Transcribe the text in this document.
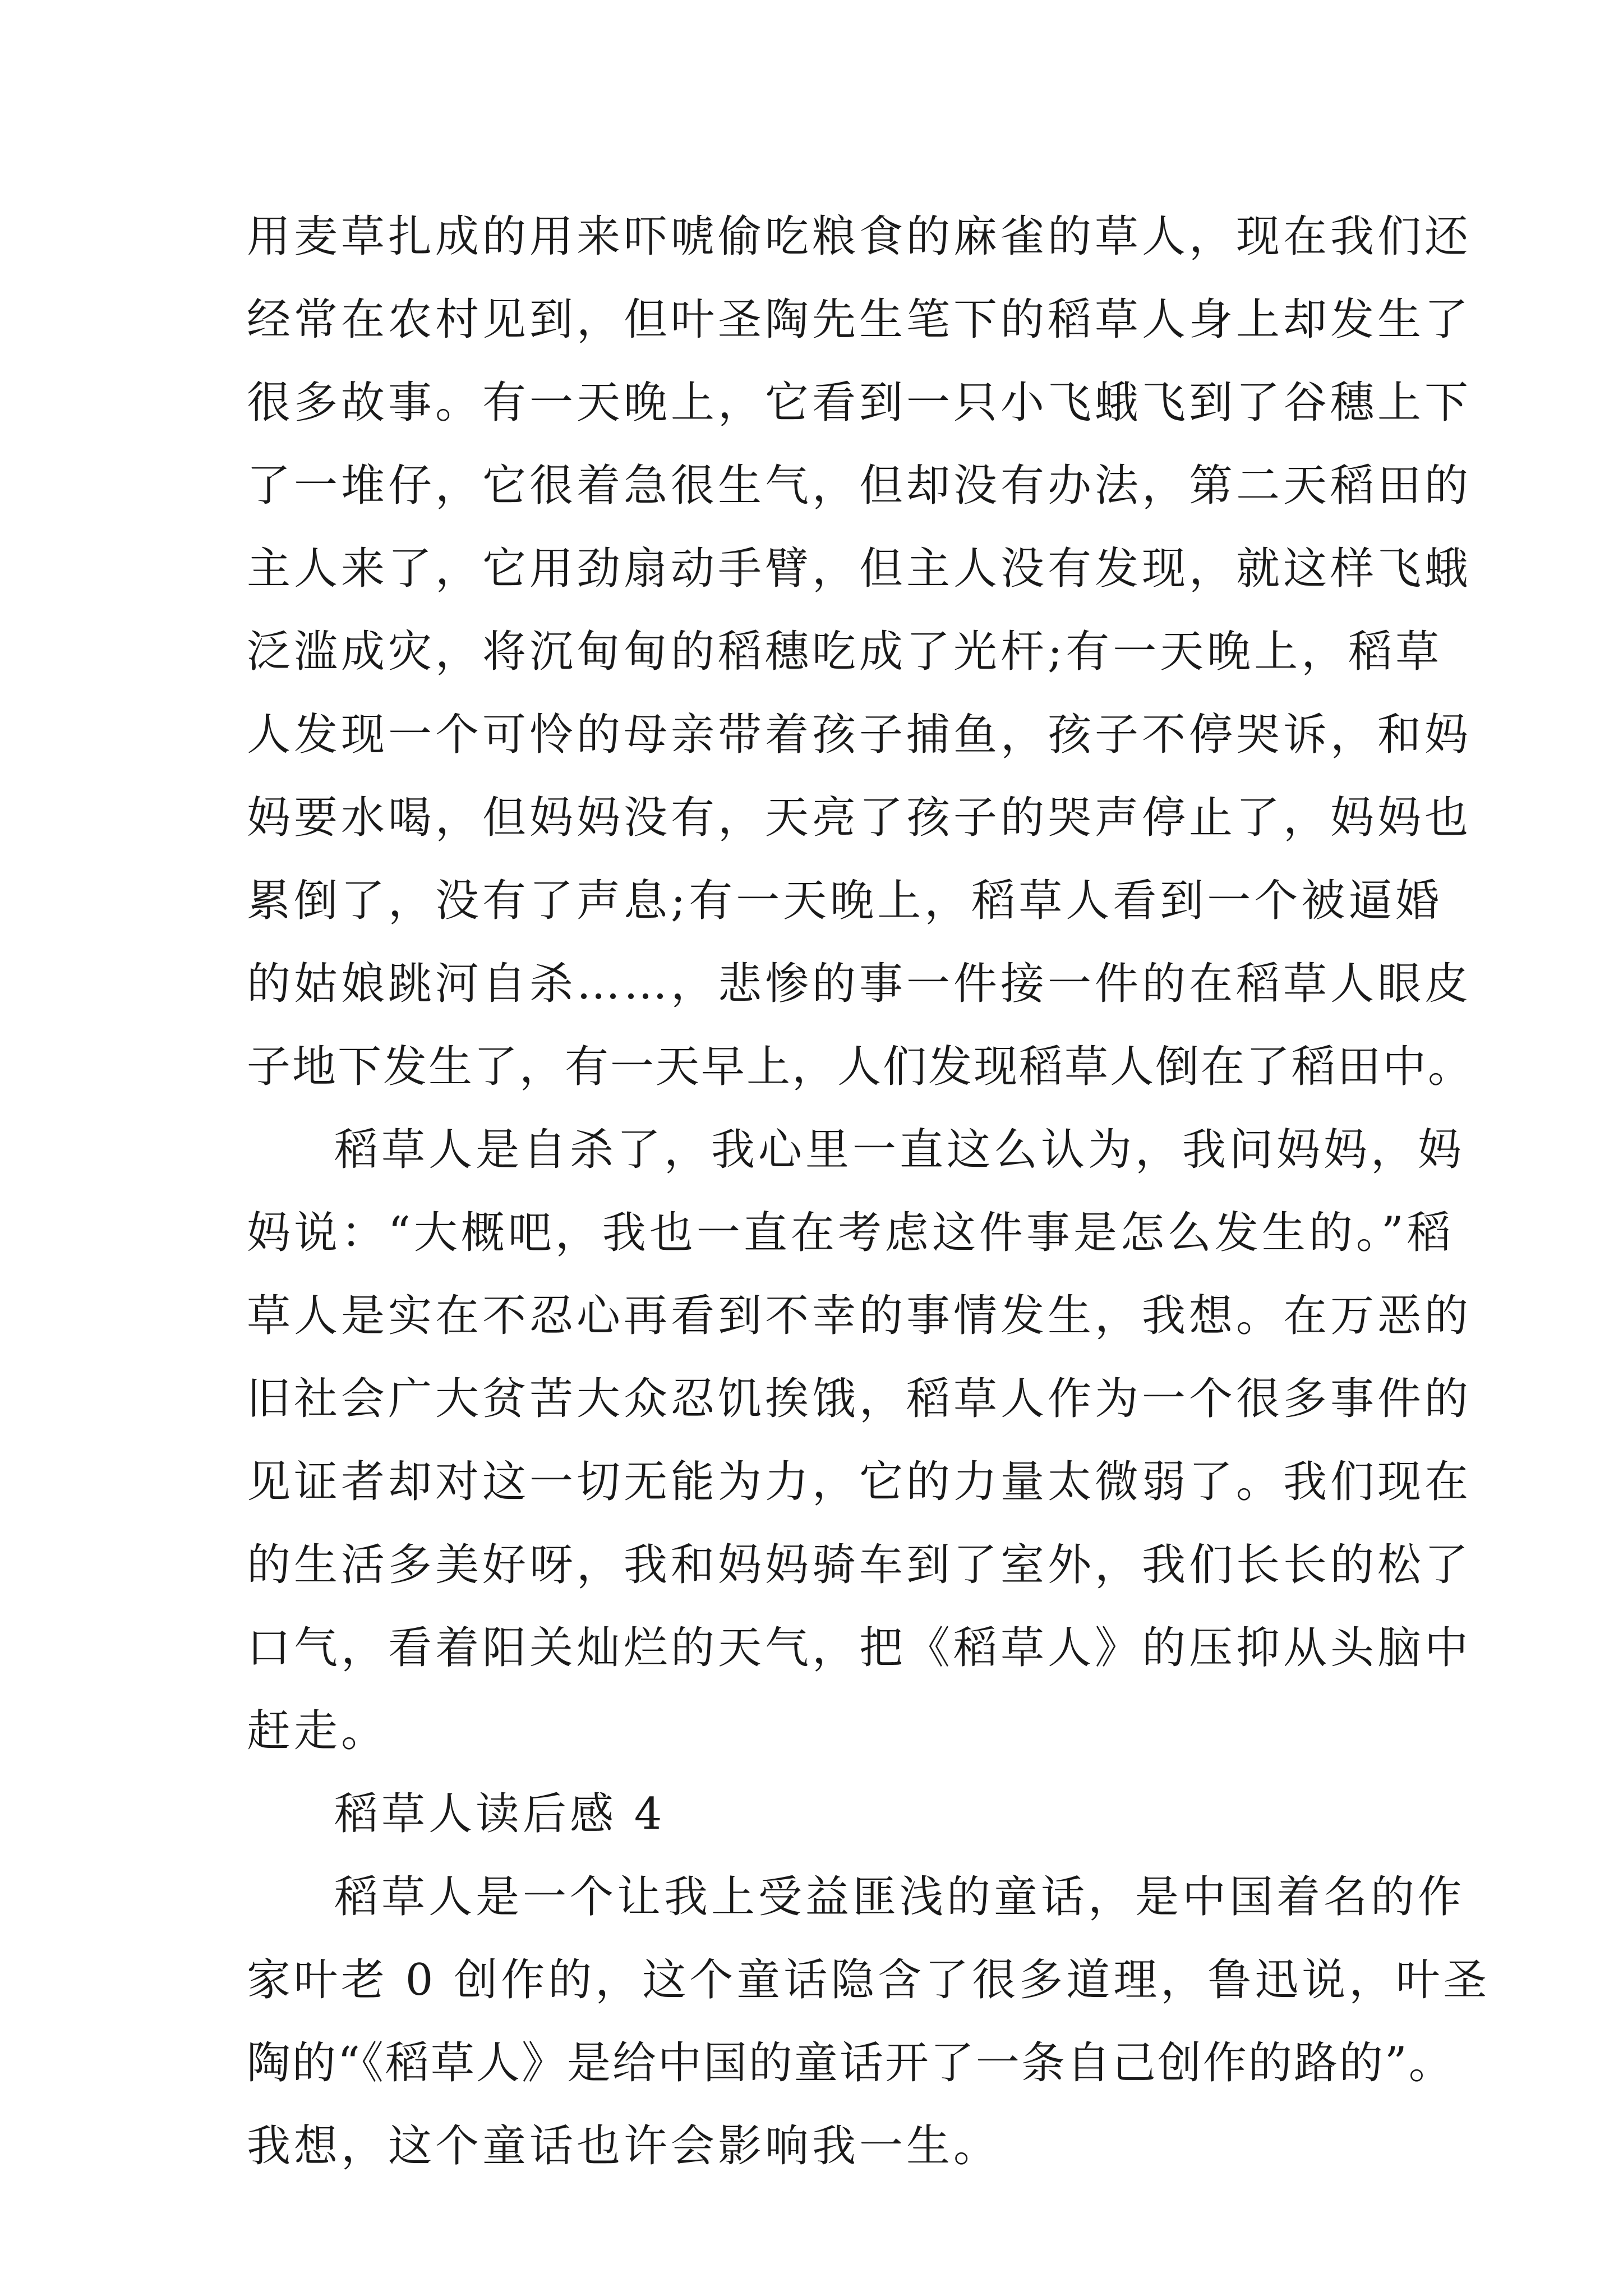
用麦草扎成的用来吓唬偷吃粮食的麻雀的草人，现在我们还
经常在农村见到，但叶圣陶先生笔下的稻草人身上却发生了
很多故事。有一天晚上，它看到一只小飞蛾飞到了谷穗上下
了一堆仔，它很着急很生气，但却没有办法，第二天稻田的
主人来了，它用劲扇动手臂，但主人没有发现，就这样飞蛾
泛滥成灾，将沉甸甸的稻穗吃成了光杆;有一天晚上，稻草
人发现一个可怜的母亲带着孩子捕鱼，孩子不停哭诉，和妈
妈要水喝，但妈妈没有，天亮了孩子的哭声停止了，妈妈也
累倒了，没有了声息;有一天晚上，稻草人看到一个被逼婚
的姑娘跳河自杀……，悲惨的事一件接一件的在稻草人眼皮
子地下发生了，有一天早上，人们发现稻草人倒在了稻田中。
稻草人是自杀了，我心里一直这么认为，我问妈妈，妈
妈说：“大概吧，我也一直在考虑这件事是怎么发生的。”稻
草人是实在不忍心再看到不幸的事情发生，我想。在万恶的
旧社会广大贫苦大众忍饥挨饿，稻草人作为一个很多事件的
见证者却对这一切无能为力，它的力量太微弱了。我们现在
的生活多美好呀，我和妈妈骑车到了室外，我们长长的松了
口气，看着阳关灿烂的天气，把《稻草人》的压抑从头脑中
赶走。
稻草人读后感 4
稻草人是一个让我上受益匪浅的童话，是中国着名的作
家叶老 0 创作的，这个童话隐含了很多道理，鲁迅说，叶圣
陶的“《稻草人》是给中国的童话开了一条自己创作的路的”。
我想，这个童话也许会影响我一生。
